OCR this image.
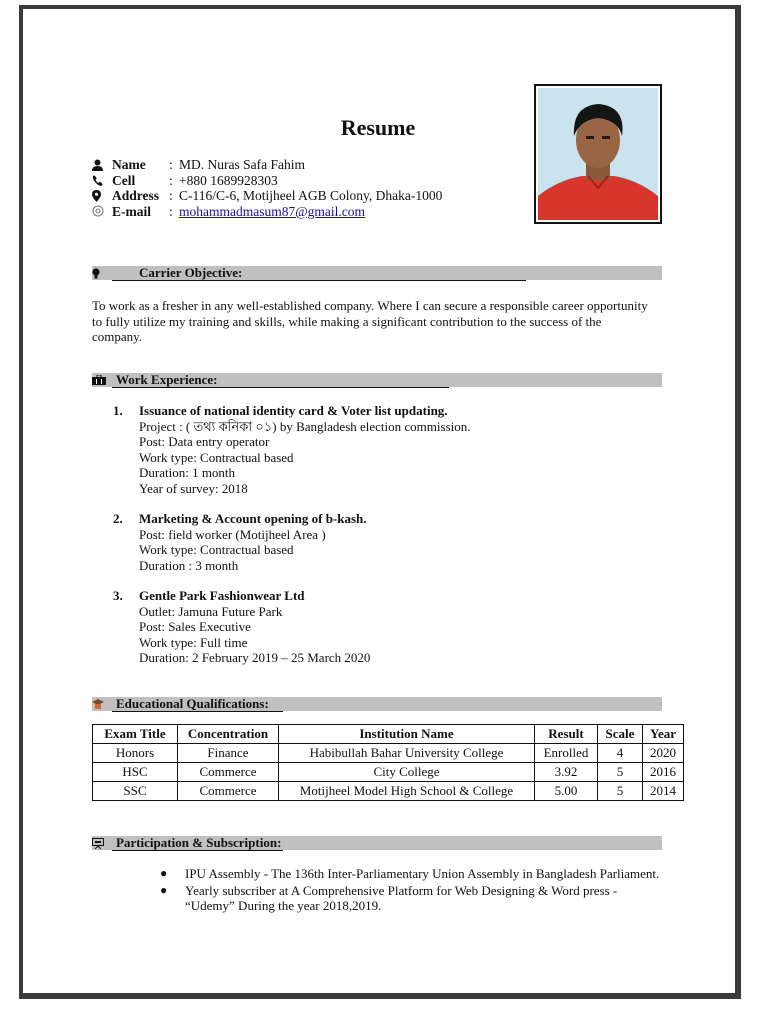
Resume
Name	: MD. Nuras Safa Fahim
Cell	: +880 1689928303
Address : C-116/C-6, Motijheel AGB Colony, Dhaka-1000
E-mail	: mohammadmasum87@gmail.com
Carrier Objective:
To work as a fresher in any well-established company. Where I can secure a responsible career opportunity to fully utilize my training and skills, while making a significant contribution to the success of the company.
Work Experience:
1.	Issuance of national identity card & Voter list updating.
Project : ( তথ্য কনিকা ০১) by Bangladesh election commission.
Post: Data entry operator
Work type: Contractual based
Duration: 1 month
Year of survey: 2018
2.	Marketing & Account opening of b-kash.
Post: field worker (Motijheel Area )
Work type: Contractual based
Duration : 3 month
3.	Gentle Park Fashionwear Ltd
Outlet: Jamuna Future Park
Post: Sales Executive
Work type: Full time
Duration: 2 February 2019 – 25 March 2020
Educational Qualifications:
Exam Title	Concentration	Institution Name	Result	Scale	Year
Honors	Finance	Habibullah Bahar University College	Enrolled	4	2020
HSC	Commerce	City College	3.92	5	2016
SSC	Commerce	Motijheel Model High School & College	5.00	5	2014
Participation & Subscription:
●	IPU Assembly - The 136th Inter-Parliamentary Union Assembly in Bangladesh Parliament.
●	Yearly subscriber at A Comprehensive Platform for Web Designing & Word press - “Udemy” During the year 2018,2019.
